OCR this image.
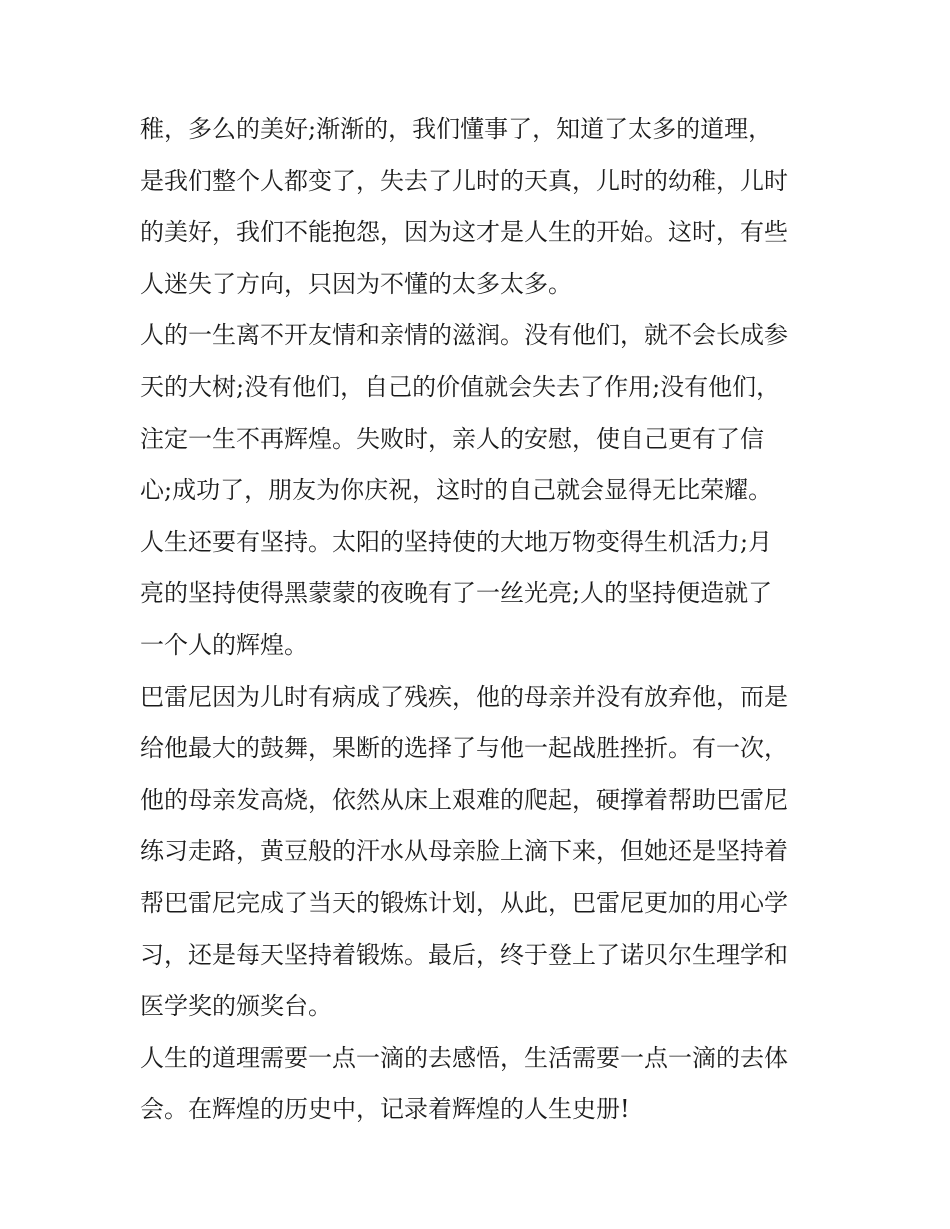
稚，多么的美好;渐渐的，我们懂事了，知道了太多的道理，
是我们整个人都变了，失去了儿时的天真，儿时的幼稚，儿时
的美好，我们不能抱怨，因为这才是人生的开始。这时，有些
人迷失了方向，只因为不懂的太多太多。
人的一生离不开友情和亲情的滋润。没有他们，就不会长成参
天的大树;没有他们，自己的价值就会失去了作用;没有他们，
注定一生不再辉煌。失败时，亲人的安慰，使自己更有了信
心;成功了，朋友为你庆祝，这时的自己就会显得无比荣耀。
人生还要有坚持。太阳的坚持使的大地万物变得生机活力;月
亮的坚持使得黑蒙蒙的夜晚有了一丝光亮;人的坚持便造就了
一个人的辉煌。
巴雷尼因为儿时有病成了残疾，他的母亲并没有放弃他，而是
给他最大的鼓舞，果断的选择了与他一起战胜挫折。有一次，
他的母亲发高烧，依然从床上艰难的爬起，硬撑着帮助巴雷尼
练习走路，黄豆般的汗水从母亲脸上滴下来，但她还是坚持着
帮巴雷尼完成了当天的锻炼计划，从此，巴雷尼更加的用心学
习，还是每天坚持着锻炼。最后，终于登上了诺贝尔生理学和
医学奖的颁奖台。
人生的道理需要一点一滴的去感悟，生活需要一点一滴的去体
会。在辉煌的历史中，记录着辉煌的人生史册!
